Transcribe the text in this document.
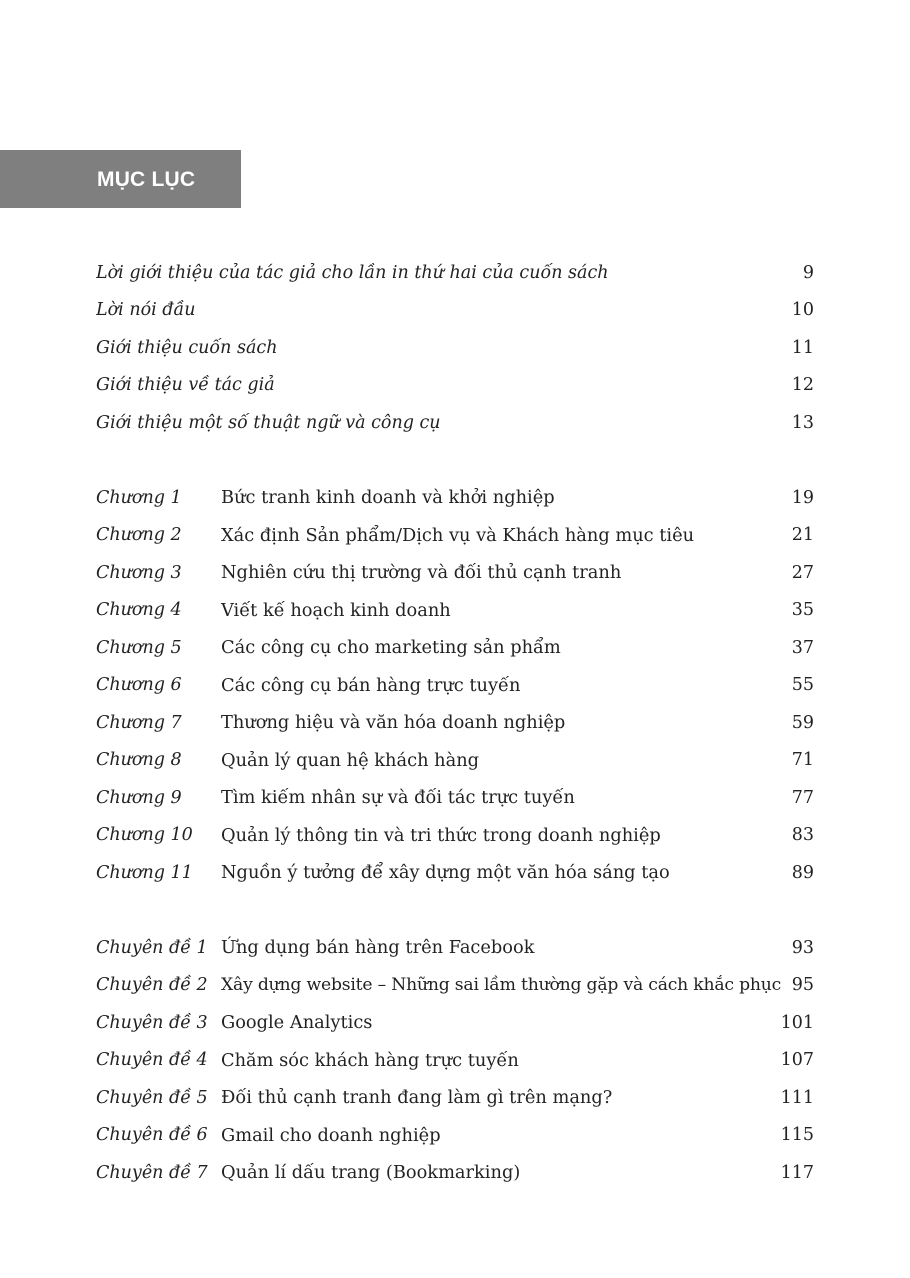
MỤC LỤC
Lời giới thiệu của tác giả cho lần in thứ hai của cuốn sách	9
Lời nói đầu	10
Giới thiệu cuốn sách	11
Giới thiệu về tác giả	12
Giới thiệu một số thuật ngữ và công cụ	13
Chương 1	Bức tranh kinh doanh và khởi nghiệp	19
Chương 2	Xác định Sản phẩm/Dịch vụ và Khách hàng mục tiêu	21
Chương 3	Nghiên cứu thị trường và đối thủ cạnh tranh	27
Chương 4	Viết kế hoạch kinh doanh	35
Chương 5	Các công cụ cho marketing sản phẩm	37
Chương 6	Các công cụ bán hàng trực tuyến	55
Chương 7	Thương hiệu và văn hóa doanh nghiệp	59
Chương 8	Quản lý quan hệ khách hàng	71
Chương 9	Tìm kiếm nhân sự và đối tác trực tuyến	77
Chương 10	Quản lý thông tin và tri thức trong doanh nghiệp	83
Chương 11	Nguồn ý tưởng để xây dựng một văn hóa sáng tạo	89
Chuyên đề 1 Ứng dụng bán hàng trên Facebook	93
Chuyên đề 2 Xây dựng website – Những sai lầm thường gặp và cách khắc phục 95
Chuyên đề 3 Google Analytics	101
Chuyên đề 4 Chăm sóc khách hàng trực tuyến	107
Chuyên đề 5 Đối thủ cạnh tranh đang làm gì trên mạng?	111
Chuyên đề 6 Gmail cho doanh nghiệp	115
Chuyên đề 7 Quản lí dấu trang (Bookmarking)	117
